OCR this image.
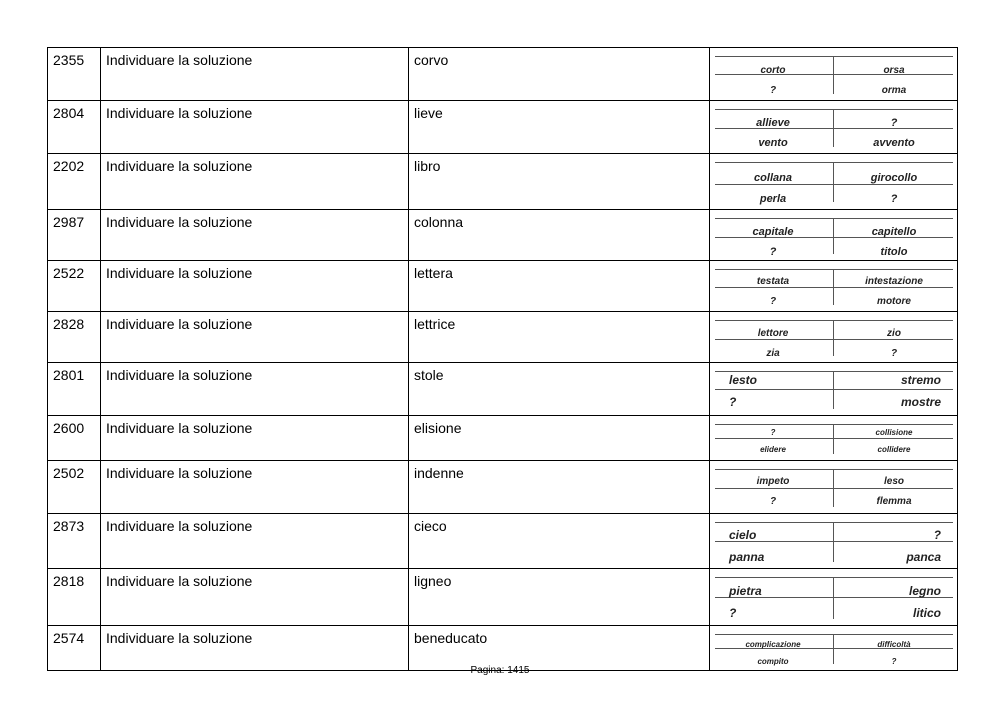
2355	Individuare la soluzione	corvo	corto orsa
? orma

2804	Individuare la soluzione	lieve	allieve ?
vento avvento

2202	Individuare la soluzione	libro	collana girocollo
perla ?

2987	Individuare la soluzione	colonna	capitale capitello
? titolo

2522	Individuare la soluzione	lettera	testata intestazione
? motore

2828	Individuare la soluzione	lettrice	lettore zio
zia ?

2801	Individuare la soluzione	stole	lesto stremo
? mostre

2600	Individuare la soluzione	elisione	? collisione
elidere collidere

2502	Individuare la soluzione	indenne	impeto leso
? flemma

2873	Individuare la soluzione	cieco	cielo ?
panna panca

2818	Individuare la soluzione	ligneo	pietra legno
? litico

2574	Individuare la soluzione	beneducato	complicazione difficoltà
compito ?
Pagina: 1415
